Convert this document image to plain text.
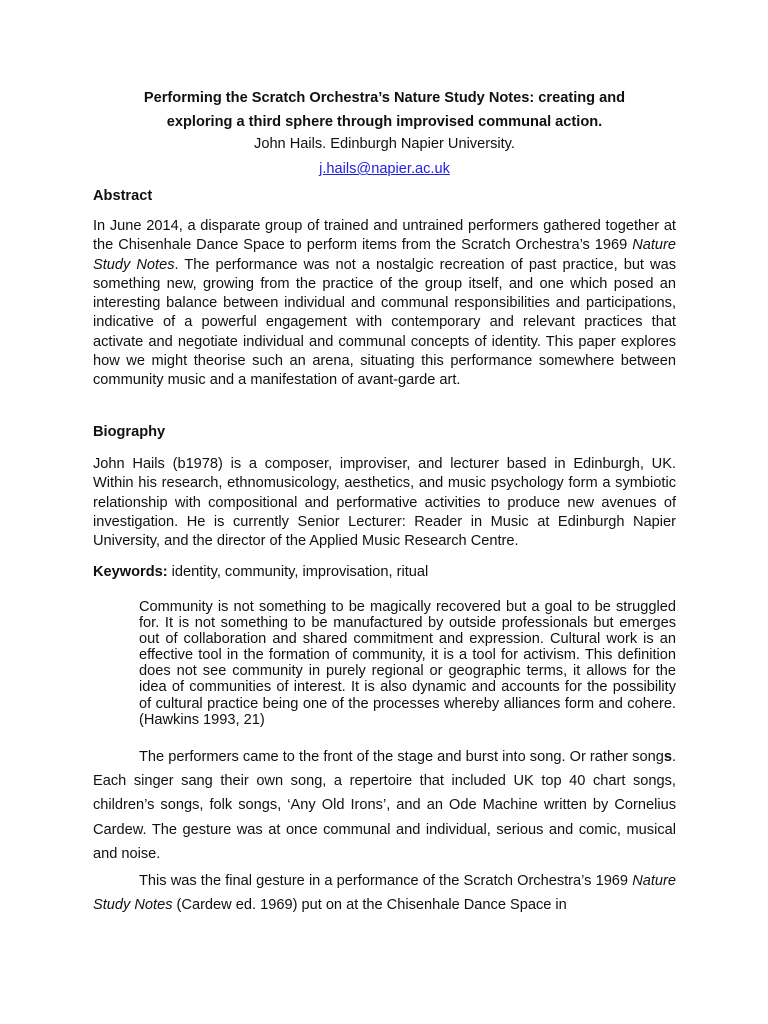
Performing the Scratch Orchestra’s Nature Study Notes: creating and
exploring a third sphere through improvised communal action.
John Hails. Edinburgh Napier University.
j.hails@napier.ac.uk
Abstract
In June 2014, a disparate group of trained and untrained performers gathered together at the Chisenhale Dance Space to perform items from the Scratch Orchestra’s 1969 Nature Study Notes. The performance was not a nostalgic recreation of past practice, but was something new, growing from the practice of the group itself, and one which posed an interesting balance between individual and communal responsibilities and participations, indicative of a powerful engagement with contemporary and relevant practices that activate and negotiate individual and communal concepts of identity. This paper explores how we might theorise such an arena, situating this performance somewhere between community music and a manifestation of avant-garde art.
Biography
John Hails (b1978) is a composer, improviser, and lecturer based in Edinburgh, UK. Within his research, ethnomusicology, aesthetics, and music psychology form a symbiotic relationship with compositional and performative activities to produce new avenues of investigation. He is currently Senior Lecturer: Reader in Music at Edinburgh Napier University, and the director of the Applied Music Research Centre.
Keywords: identity, community, improvisation, ritual
Community is not something to be magically recovered but a goal to be struggled for. It is not something to be manufactured by outside professionals but emerges out of collaboration and shared commitment and expression. Cultural work is an effective tool in the formation of community, it is a tool for activism. This definition does not see community in purely regional or geographic terms, it allows for the idea of communities of interest. It is also dynamic and accounts for the possibility of cultural practice being one of the processes whereby alliances form and cohere. (Hawkins 1993, 21)
The performers came to the front of the stage and burst into song. Or rather songs. Each singer sang their own song, a repertoire that included UK top 40 chart songs, children’s songs, folk songs, ‘Any Old Irons’, and an Ode Machine written by Cornelius Cardew. The gesture was at once communal and individual, serious and comic, musical and noise.
This was the final gesture in a performance of the Scratch Orchestra’s 1969 Nature Study Notes (Cardew ed. 1969) put on at the Chisenhale Dance Space in
